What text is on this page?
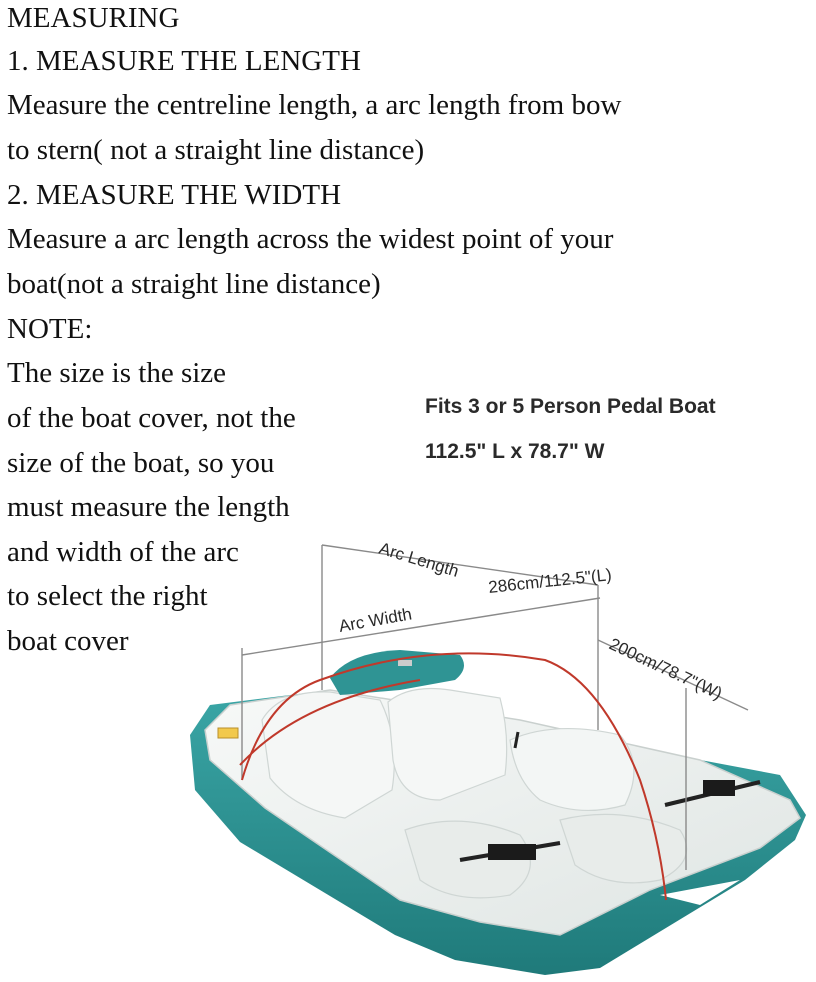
MEASURING

1. MEASURE THE LENGTH

Measure the centreline length, a arc length from bow

to stern( not a straight line distance)

2. MEASURE THE WIDTH

Measure a arc length across the widest point of your

boat(not a straight line distance)

NOTE:

The size is the size

of the boat cover, not the

size of the boat, so you

must measure the length

and width of the arc

to select the right

boat cover

Fits 3 or 5 Person Pedal Boat

112.5" L x 78.7" W

Arc Length
286cm/112.5"(L)
Arc Width
200cm/78.7"(W)
